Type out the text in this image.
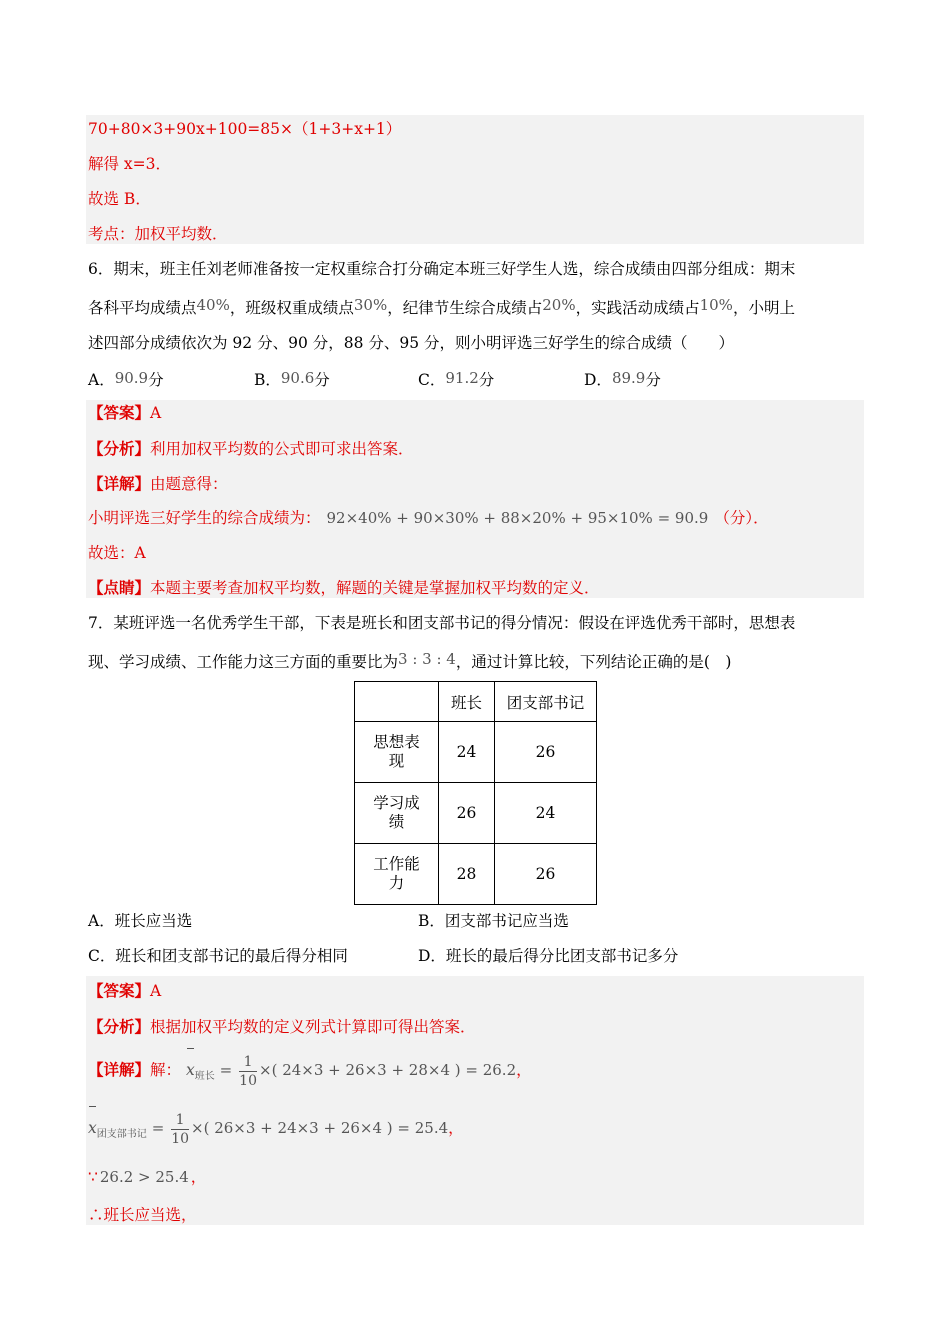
70+80×3+90x+100=85×（1+3+x+1）
解得 x=3．
故选 B．
考点：加权平均数．
6．期末，班主任刘老师准备按一定权重综合打分确定本班三好学生人选，综合成绩由四部分组成：期末
各科平均成绩点40%，班级权重成绩点30%，纪律节生综合成绩占20%，实践活动成绩占10%，小明上
述四部分成绩依次为 92 分、90 分，88 分、95 分，则小明评选三好学生的综合成绩（　　）
A．90.9分	B．90.6分	C．91.2分	D．89.9分
【答案】A
【分析】利用加权平均数的公式即可求出答案．
【详解】由题意得：
小明评选三好学生的综合成绩为： 92×40% + 90×30% + 88×20% + 95×10% = 90.9 （分）．
故选：A
【点睛】本题主要考查加权平均数，解题的关键是掌握加权平均数的定义．
7．某班评选一名优秀学生干部，下表是班长和团支部书记的得分情况：假设在评选优秀干部时，思想表
现、学习成绩、工作能力这三方面的重要比为3 : 3 : 4，通过计算比较，下列结论正确的是(　)
	班长	团支部书记
思想表
现	24	26
学习成
绩	26	24
工作能
力	28	26
A．班长应当选	B．团支部书记应当选
C．班长和团支部书记的最后得分相同	D．班长的最后得分比团支部书记多分
【答案】A
【分析】根据加权平均数的定义列式计算即可得出答案．
【详解】解： $x_{班长} = \frac{1}{10}$ ×( 24×3 + 26×3 + 28×4 ) = 26.2，
$x_{团支部书记} = \frac{1}{10}$ ×( 26×3 + 24×3 + 26×4 ) = 25.4，
∵ 26.2 > 25.4 ，
∴班长应当选，
